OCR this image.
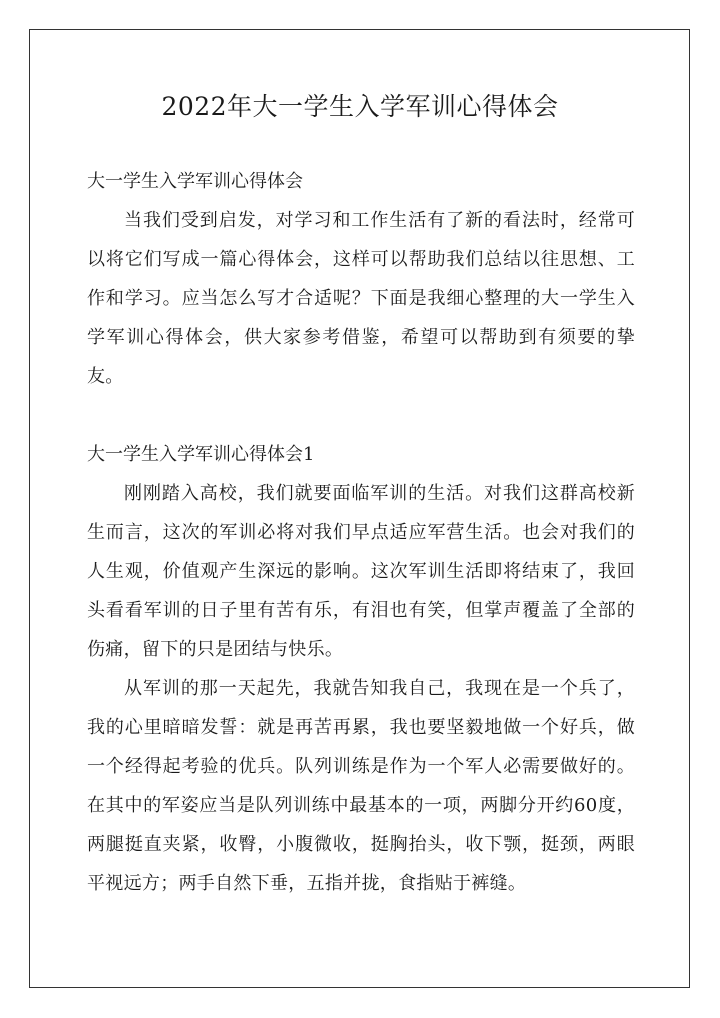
2022年大一学生入学军训心得体会
大一学生入学军训心得体会

当我们受到启发，对学习和工作生活有了新的看法时，经常可以将它们写成一篇心得体会，这样可以帮助我们总结以往思想、工作和学习。应当怎么写才合适呢？下面是我细心整理的大一学生入学军训心得体会，供大家参考借鉴，希望可以帮助到有须要的挚友。

大一学生入学军训心得体会1

刚刚踏入高校，我们就要面临军训的生活。对我们这群高校新生而言，这次的军训必将对我们早点适应军营生活。也会对我们的人生观，价值观产生深远的影响。这次军训生活即将结束了，我回头看看军训的日子里有苦有乐，有泪也有笑，但掌声覆盖了全部的伤痛，留下的只是团结与快乐。

从军训的那一天起先，我就告知我自己，我现在是一个兵了，我的心里暗暗发誓：就是再苦再累，我也要坚毅地做一个好兵，做一个经得起考验的优兵。队列训练是作为一个军人必需要做好的。在其中的军姿应当是队列训练中最基本的一项，两脚分开约60度，两腿挺直夹紧，收臀，小腹微收，挺胸抬头，收下颚，挺颈，两眼平视远方；两手自然下垂，五指并拢，食指贴于裤缝。
